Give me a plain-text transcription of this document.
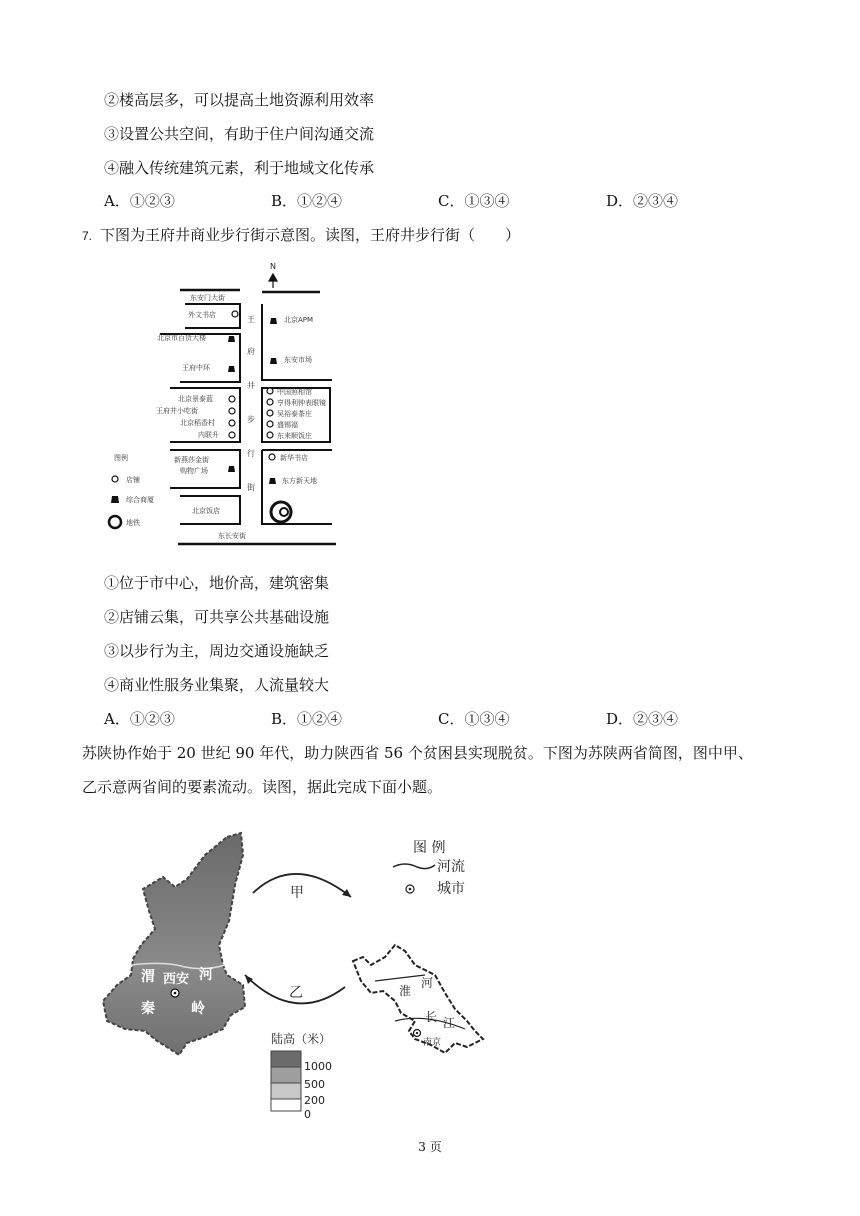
②楼高层多，可以提高土地资源利用效率
③设置公共空间，有助于住户间沟通交流
④融入传统建筑元素，利于地域文化传承
A．①②③	B．①②④	C．①③④	D．②③④
7. 下图为王府井商业步行街示意图。读图，王府井步行街（　　）
N
东安门大街
东长安街
王
府
井
步
行
街
外文书店
北京市百货大楼
王府中环
北京景泰蓝
王府井小吃街
北京稻香村
内联升
新燕莎金街
购物广场
北京饭店
北京APM
东安市场
中国照相馆
亨得利钟表眼镜
吴裕泰茶庄
盛锡福
东来顺饭庄
新华书店
东方新天地
图例
店铺
综合商厦
地铁
①位于市中心，地价高，建筑密集
②店铺云集，可共享公共基础设施
③以步行为主，周边交通设施缺乏
④商业性服务业集聚，人流量较大
A．①②③	B．①②④	C．①③④	D．②③④
苏陕协作始于 20 世纪 90 年代，助力陕西省 56 个贫困县实现脱贫。下图为苏陕两省简图，图中甲、
乙示意两省间的要素流动。读图，据此完成下面小题。
渭 西安 河
秦	岭
甲
乙	淮
河
长 江
南京
图 例
河流
城市
陆高（米）
1000
500
200
0
3 页
